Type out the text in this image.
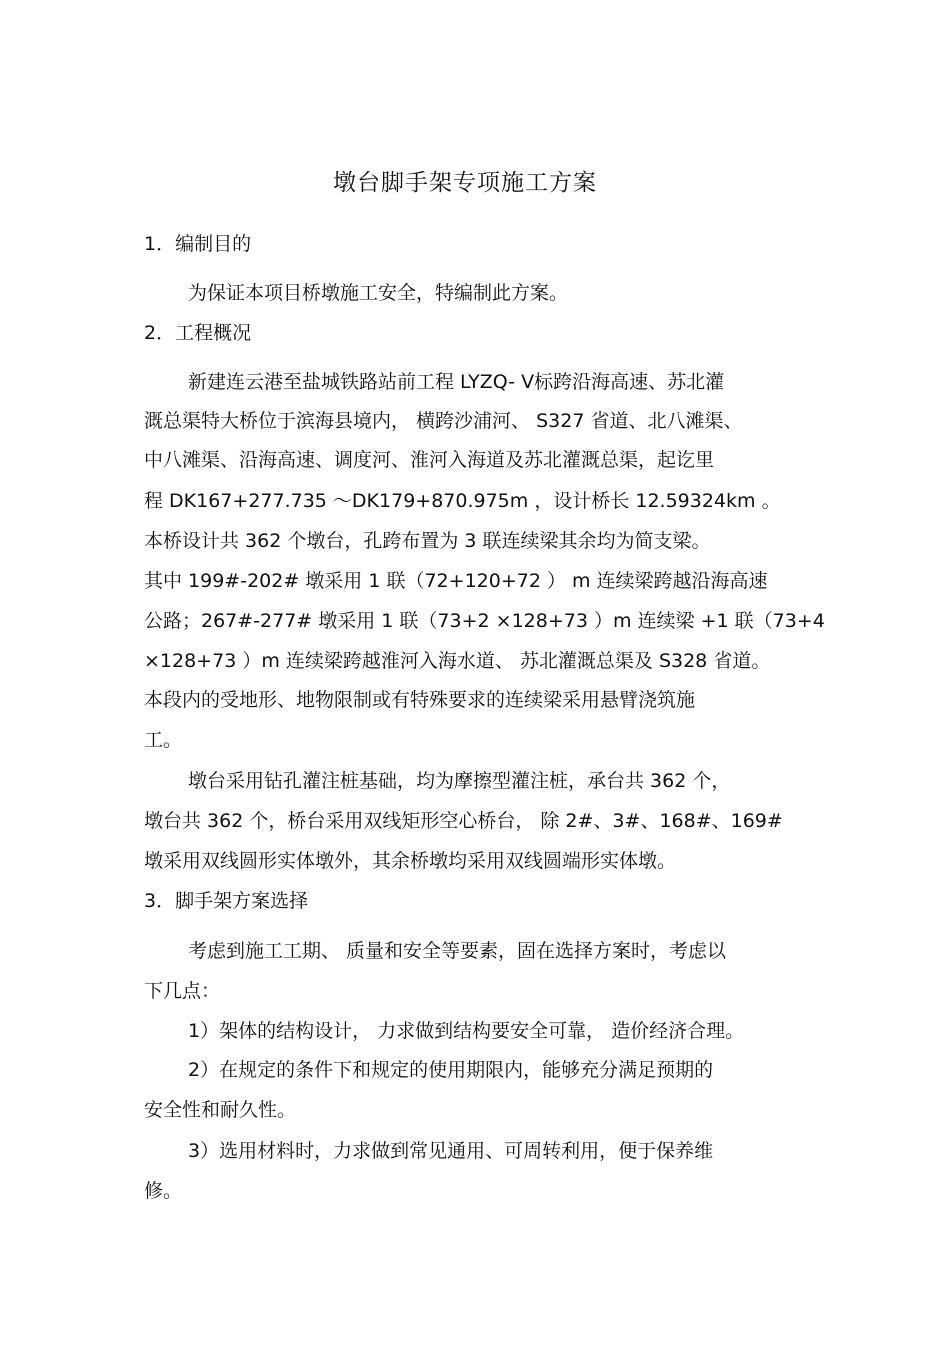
墩台脚手架专项施工方案
1．编制目的
为保证本项目桥墩施工安全，特编制此方案。
2．工程概况
新建连云港至盐城铁路站前工程 LYZQ- Ⅴ标跨沿海高速、苏北灌
溉总渠特大桥位于滨海县境内， 横跨沙浦河、 S327 省道、北八滩渠、
中八滩渠、沿海高速、调度河、淮河入海道及苏北灌溉总渠，起讫里
程 DK167+277.735 ～DK179+870.975m ，设计桥长 12.59324km 。
本桥设计共 362 个墩台，孔跨布置为 3 联连续梁其余均为简支梁。
其中 199#-202# 墩采用 1 联（72+120+72 ） m 连续梁跨越沿海高速
公路；267#-277# 墩采用 1 联（73+2 ×128+73 ）m 连续梁 +1 联（73+4
×128+73 ）m 连续梁跨越淮河入海水道、 苏北灌溉总渠及 S328 省道。
本段内的受地形、地物限制或有特殊要求的连续梁采用悬臂浇筑施
工。
墩台采用钻孔灌注桩基础，均为摩擦型灌注桩，承台共 362 个，
墩台共 362 个，桥台采用双线矩形空心桥台， 除 2#、3#、168#、169#
墩采用双线圆形实体墩外，其余桥墩均采用双线圆端形实体墩。
3．脚手架方案选择
考虑到施工工期、 质量和安全等要素，固在选择方案时，考虑以
下几点：
1）架体的结构设计， 力求做到结构要安全可靠， 造价经济合理。
2）在规定的条件下和规定的使用期限内，能够充分满足预期的
安全性和耐久性。
3）选用材料时，力求做到常见通用、可周转利用，便于保养维
修。
